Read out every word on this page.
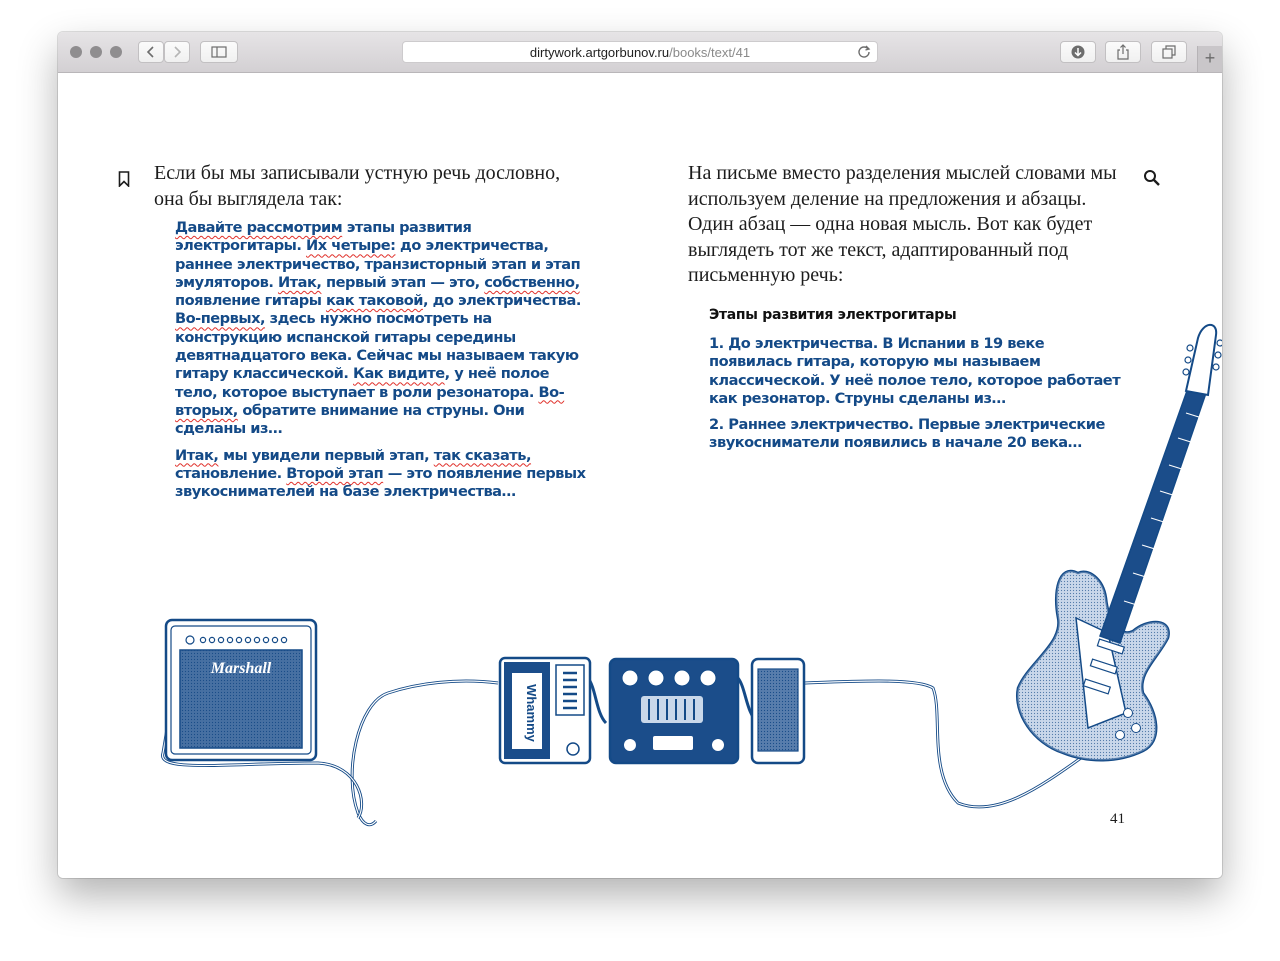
dirtywork.artgorbunov.ru /books/text/41	+

Если бы мы записывали устную речь дословно, она бы выглядела так:

Давайте рассмотрим этапы развития электрогитары. Их четыре: до электричества, раннее электричество, транзисторный этап и этап эмуляторов. Итак, первый этап — это, собственно, появление гитары как таковой, до электричества. Во-первых, здесь нужно посмотреть на конструкцию испанской гитары середины девятнадцатого века. Сейчас мы называем такую гитару классической. Как видите, у неё полое тело, которое выступает в роли резонатора. Во-вторых, обратите внимание на струны. Они сделаны из…

Итак, мы увидели первый этап, так сказать, становление. Второй этап — это появление первых звукоснимателей на базе электричества…

На письме вместо разделения мыслей словами мы используем деление на предложения и абзацы. Один абзац — одна новая мысль. Вот как будет выглядеть тот же текст, адаптированный под письменную речь:

Этапы развития электрогитары

1. До электричества. В Испании в 19 веке появилась гитара, которую мы называем классической. У неё полое тело, которое работает как резонатор. Струны сделаны из…

2. Раннее электричество. Первые электрические звукосниматели появились в начале 20 века…

41
Marshall
Whammy
